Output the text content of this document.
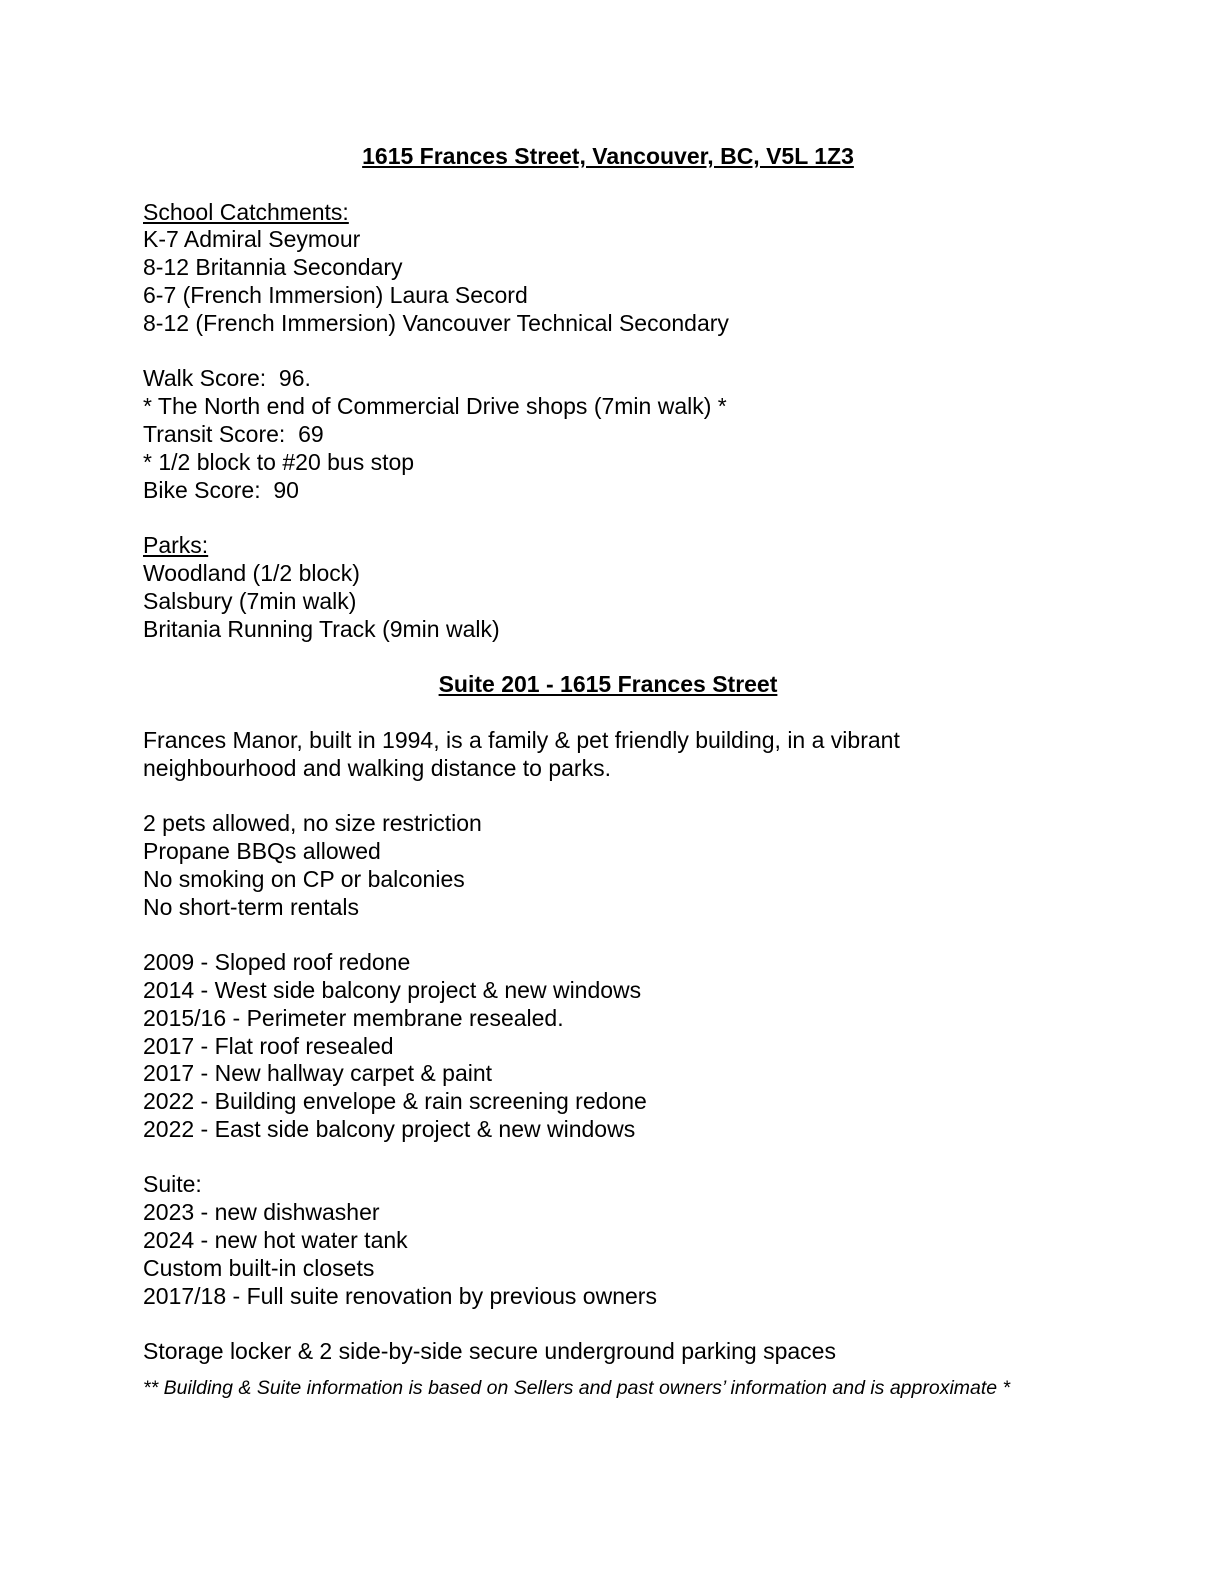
1615 Frances Street, Vancouver, BC, V5L 1Z3

School Catchments:

K-7 Admiral Seymour

8-12 Britannia Secondary

6-7 (French Immersion) Laura Secord

8-12 (French Immersion) Vancouver Technical Secondary

Walk Score:  96.

* The North end of Commercial Drive shops (7min walk) *

Transit Score:  69

* 1/2 block to #20 bus stop

Bike Score:  90

Parks:

Woodland (1/2 block)

Salsbury (7min walk)

Britania Running Track (9min walk)

Suite 201 - 1615 Frances Street

Frances Manor, built in 1994, is a family & pet friendly building, in a vibrant neighbourhood and walking distance to parks.

2 pets allowed, no size restriction

Propane BBQs allowed

No smoking on CP or balconies

No short-term rentals

2009 - Sloped roof redone

2014 - West side balcony project & new windows

2015/16 - Perimeter membrane resealed.

2017 - Flat roof resealed

2017 - New hallway carpet & paint

2022 - Building envelope & rain screening redone

2022 - East side balcony project & new windows

Suite:

2023 - new dishwasher

2024 - new hot water tank

Custom built-in closets

2017/18 - Full suite renovation by previous owners

Storage locker & 2 side-by-side secure underground parking spaces

** Building & Suite information is based on Sellers and past owners’ information and is approximate *
